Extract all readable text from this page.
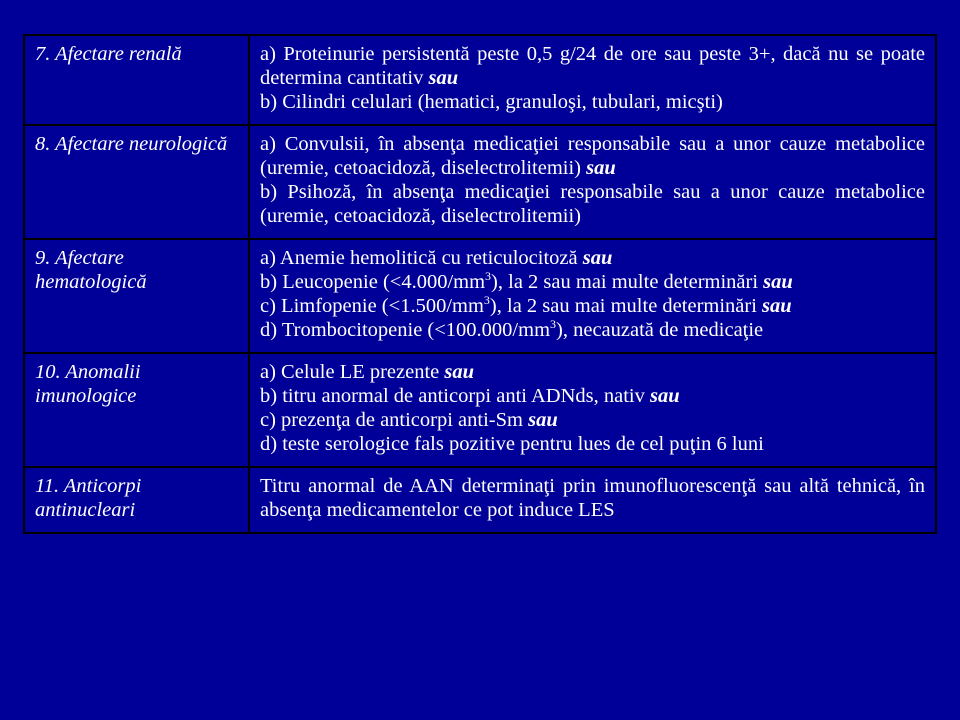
7. Afectare renală	a) Proteinurie persistentă peste 0,5 g/24 de ore sau peste 3+, dacă nu se poate determina cantitativ sau
b) Cilindri celulari (hematici, granuloşi, tubulari, micşti)

8. Afectare neurologică	a) Convulsii, în absenţa medicaţiei responsabile sau a unor cauze metabolice (uremie, cetoacidoză, diselectrolitemii) sau
b) Psihoză, în absenţa medicaţiei responsabile sau a unor cauze metabolice (uremie, cetoacidoză, diselectrolitemii)

9. Afectare hematologică	a) Anemie hemolitică cu reticulocitoză sau
b) Leucopenie $(<4.000/mm^3)$, la 2 sau mai multe determinări sau
c) Limfopenie $(<1.500/mm^3)$, la 2 sau mai multe determinări sau
d) Trombocitopenie $(<100.000/mm^3)$, necauzată de medicaţie

10. Anomalii imunologice	a) Celule LE prezente sau
b) titru anormal de anticorpi anti ADNds, nativ sau
c) prezenţa de anticorpi anti-Sm sau
d) teste serologice fals pozitive pentru lues de cel puţin 6 luni

11. Anticorpi antinucleari	Titru anormal de AAN determinaţi prin imunofluorescenţă sau altă tehnică, în absenţa medicamentelor ce pot induce LES
